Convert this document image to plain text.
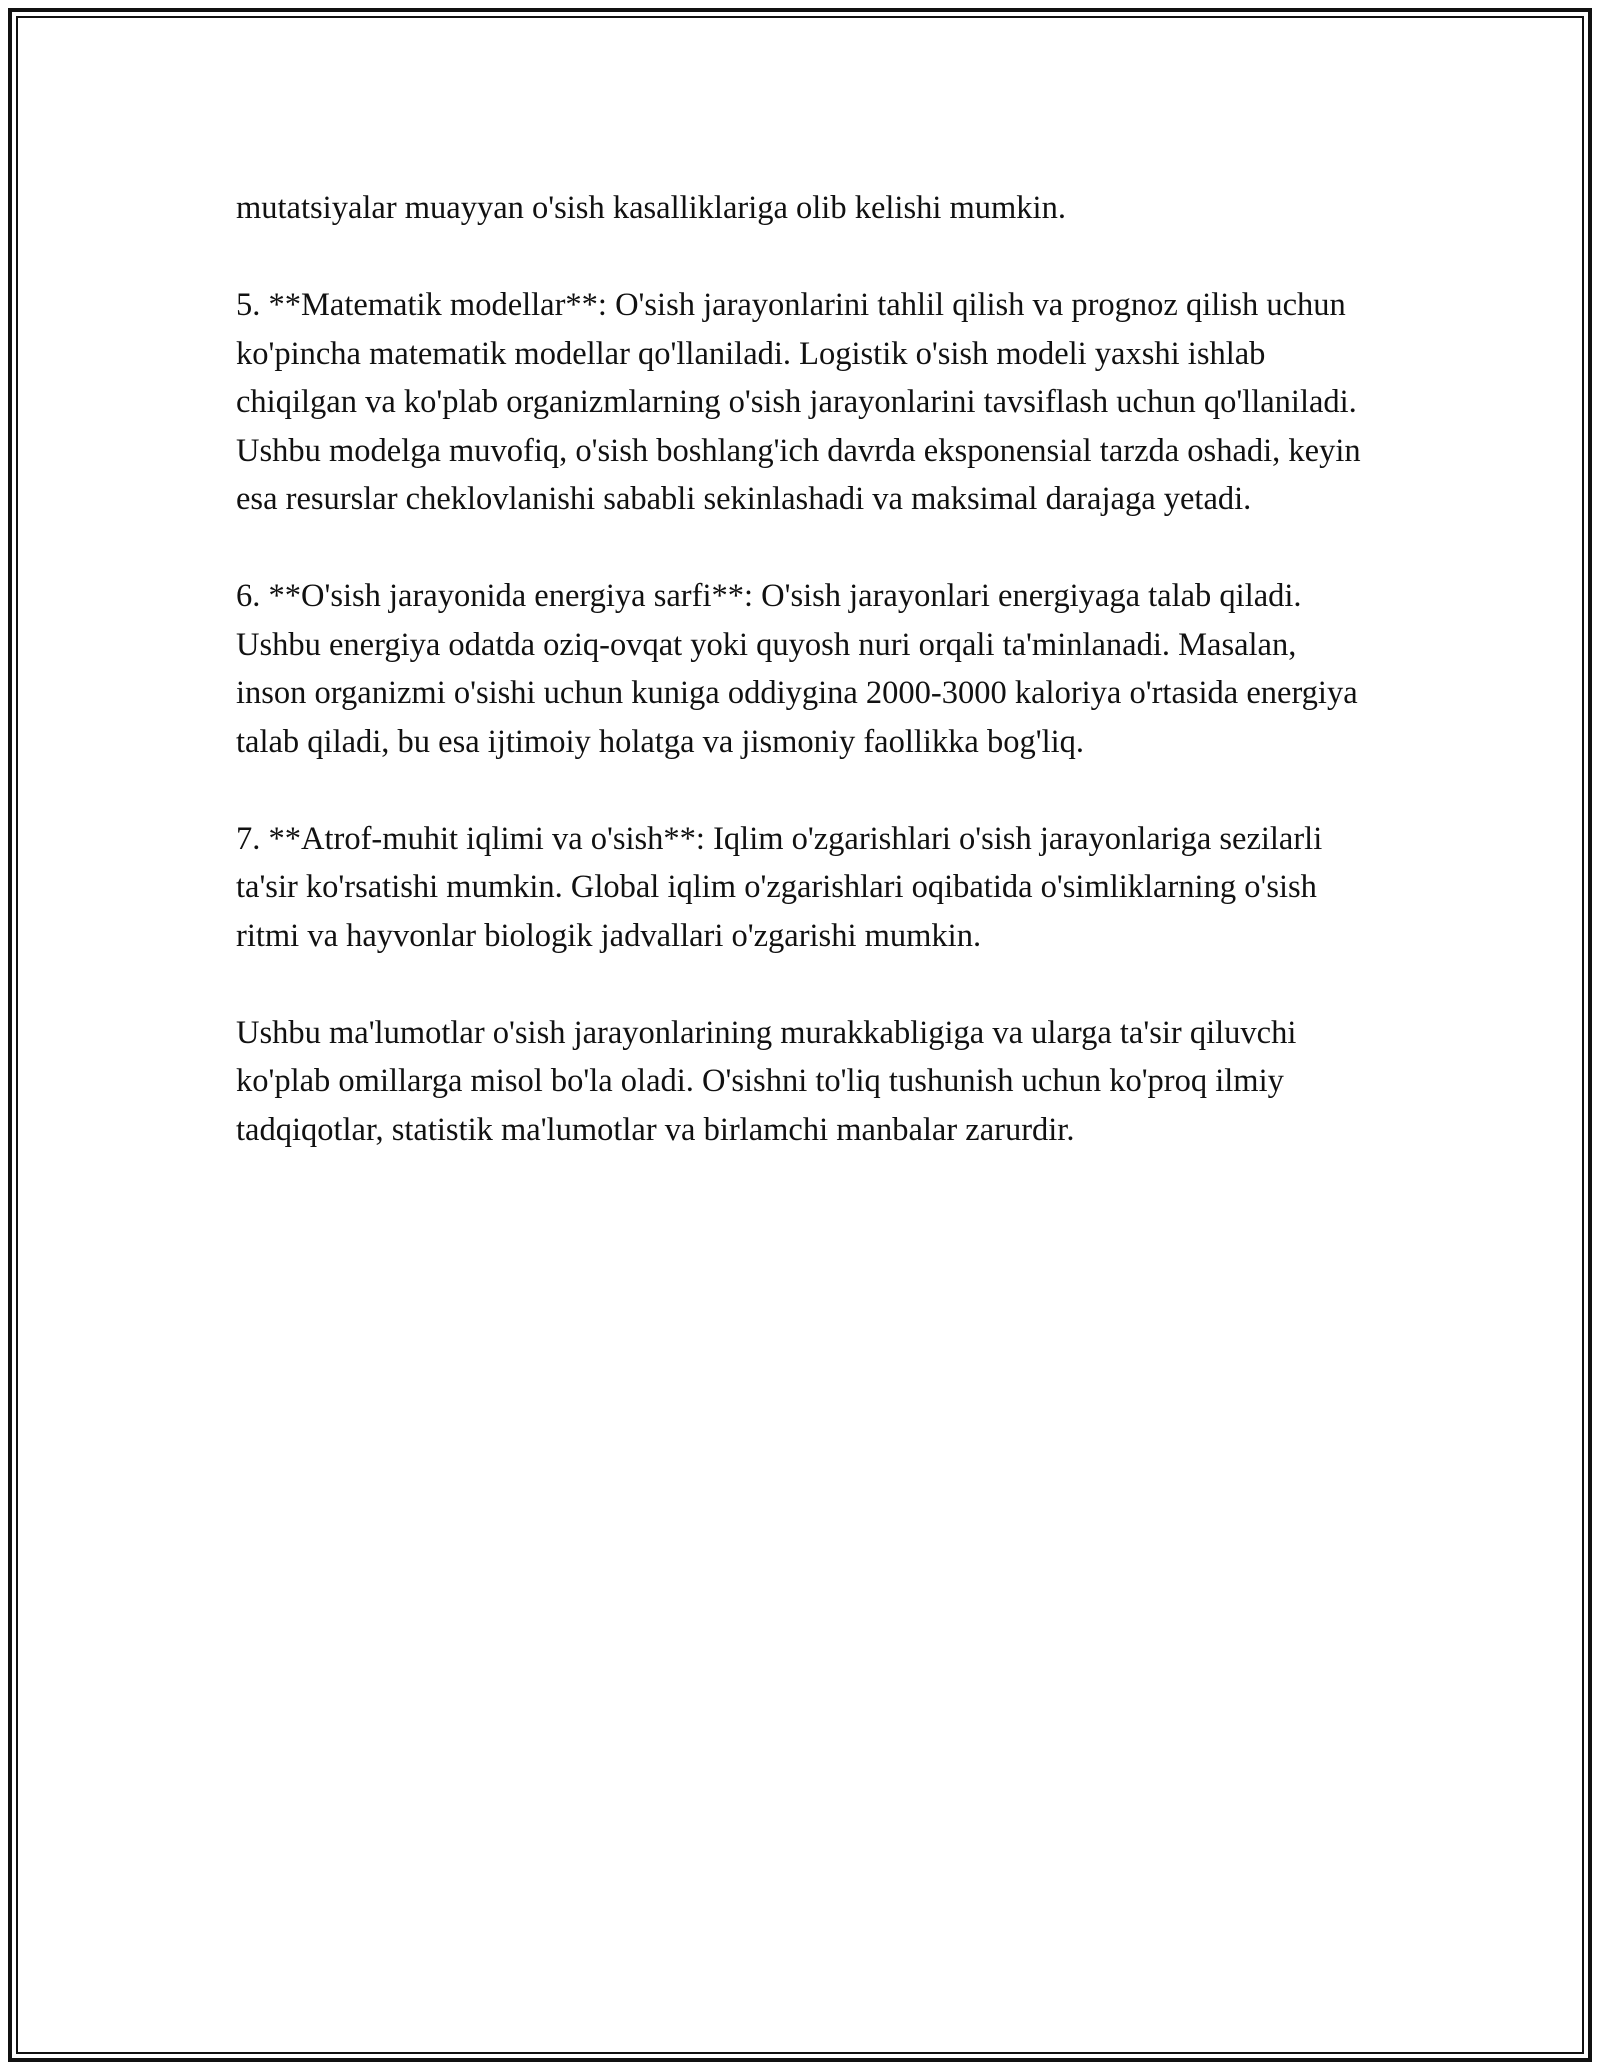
mutatsiyalar muayyan o'sish kasalliklariga olib kelishi mumkin.

5. **Matematik modellar**: O'sish jarayonlarini tahlil qilish va prognoz qilish uchun ko'pincha matematik modellar qo'llaniladi. Logistik o'sish modeli yaxshi ishlab chiqilgan va ko'plab organizmlarning o'sish jarayonlarini tavsiflash uchun qo'llaniladi. Ushbu modelga muvofiq, o'sish boshlang'ich davrda eksponensial tarzda oshadi, keyin esa resurslar cheklovlanishi sababli sekinlashadi va maksimal darajaga yetadi.

6. **O'sish jarayonida energiya sarfi**: O'sish jarayonlari energiyaga talab qiladi. Ushbu energiya odatda oziq-ovqat yoki quyosh nuri orqali ta'minlanadi. Masalan, inson organizmi o'sishi uchun kuniga oddiygina 2000-3000 kaloriya o'rtasida energiya talab qiladi, bu esa ijtimoiy holatga va jismoniy faollikka bog'liq.

7. **Atrof-muhit iqlimi va o'sish**: Iqlim o'zgarishlari o'sish jarayonlariga sezilarli ta'sir ko'rsatishi mumkin. Global iqlim o'zgarishlari oqibatida o'simliklarning o'sish ritmi va hayvonlar biologik jadvallari o'zgarishi mumkin.

Ushbu ma'lumotlar o'sish jarayonlarining murakkabligiga va ularga ta'sir qiluvchi ko'plab omillarga misol bo'la oladi. O'sishni to'liq tushunish uchun ko'proq ilmiy tadqiqotlar, statistik ma'lumotlar va birlamchi manbalar zarurdir.
